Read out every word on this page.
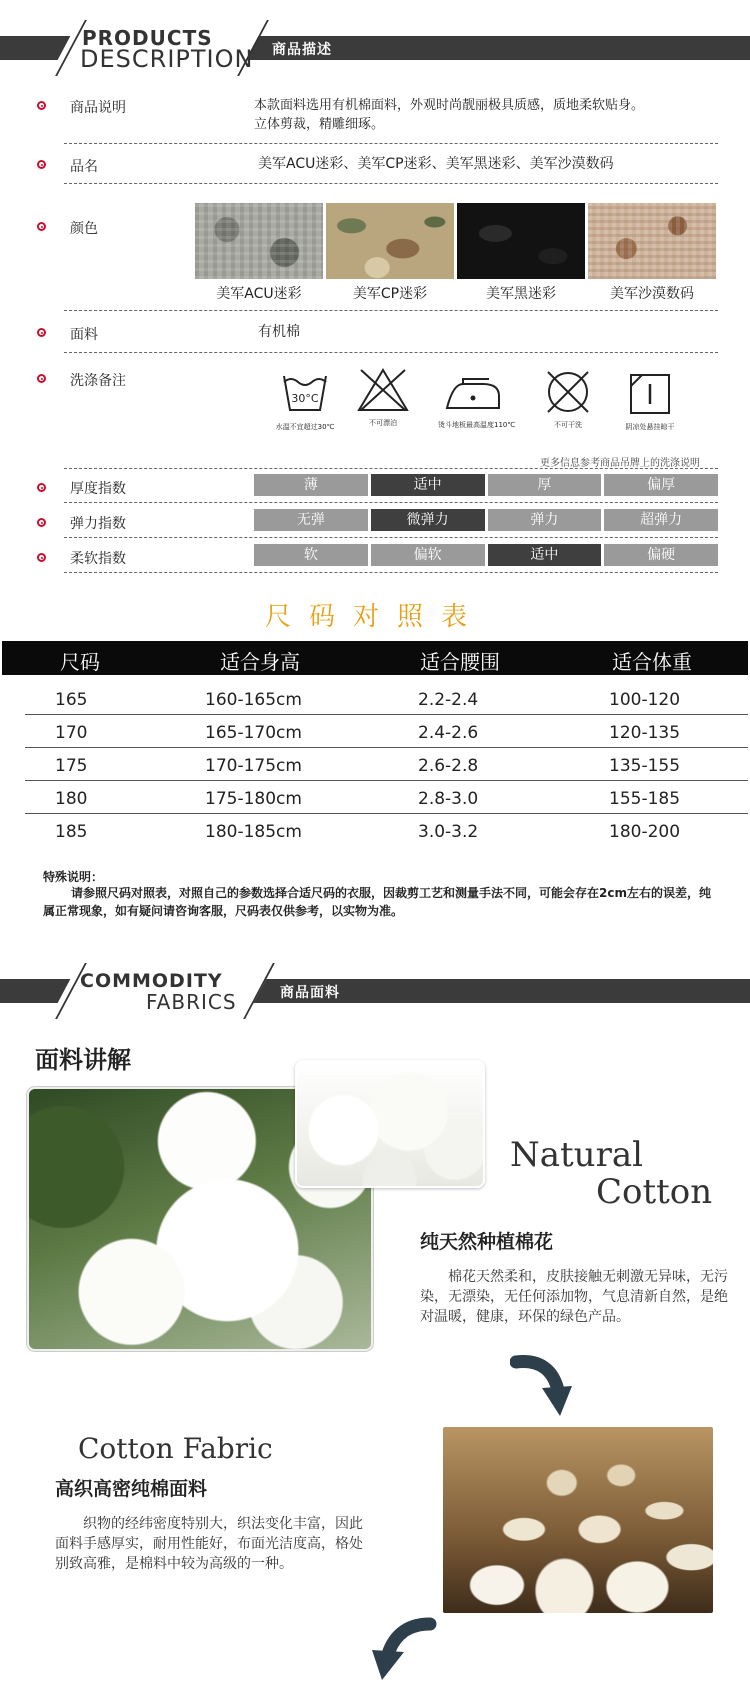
商品描述
PRODUCTS
DESCRIPTION
商品说明	本款面料选用有机棉面料，外观时尚靓丽极具质感，质地柔软贴身。
立体剪裁，精雕细琢。
品名	美军ACU迷彩、美军CP迷彩、美军黑迷彩、美军沙漠数码
颜色
美军ACU迷彩	美军CP迷彩	美军黑迷彩	美军沙漠数码
面料	有机棉
洗涤备注
30°C
水温不宜超过30℃	不可漂泊	烫斗地板最高温度110℃	不可干洗	阴凉处悬挂晾干
更多信息参考商品吊牌上的洗涤说明
厚度指数	薄	适中	厚	偏厚
弹力指数	无弹	微弹力	弹力	超弹力
柔软指数	软	偏软	适中	偏硬
尺码对照表
尺码	适合身高	适合腰围	适合体重
165	160-165cm	2.2-2.4	100-120
170	165-170cm	2.4-2.6	120-135
175	170-175cm	2.6-2.8	135-155
180	175-180cm	2.8-3.0	155-185
185	180-185cm	3.0-3.2	180-200
特殊说明：
请参照尺码对照表，对照自己的参数选择合适尺码的衣服，因裁剪工艺和测量手法不同，可能会存在2cm左右的误差，纯属正常现象，如有疑问请咨询客服，尺码表仅供参考，以实物为准。
商品面料
COMMODITY
FABRICS
面料讲解
Natural
Cotton
纯天然种植棉花
棉花天然柔和，皮肤接触无刺激无异味，无污染，无漂染，无任何添加物，气息清新自然，是绝对温暖，健康，环保的绿色产品。
Cotton Fabric
高织高密纯棉面料
织物的经纬密度特别大，织法变化丰富，因此面料手感厚实，耐用性能好，布面光洁度高，格处别致高雅，是棉料中较为高级的一种。
